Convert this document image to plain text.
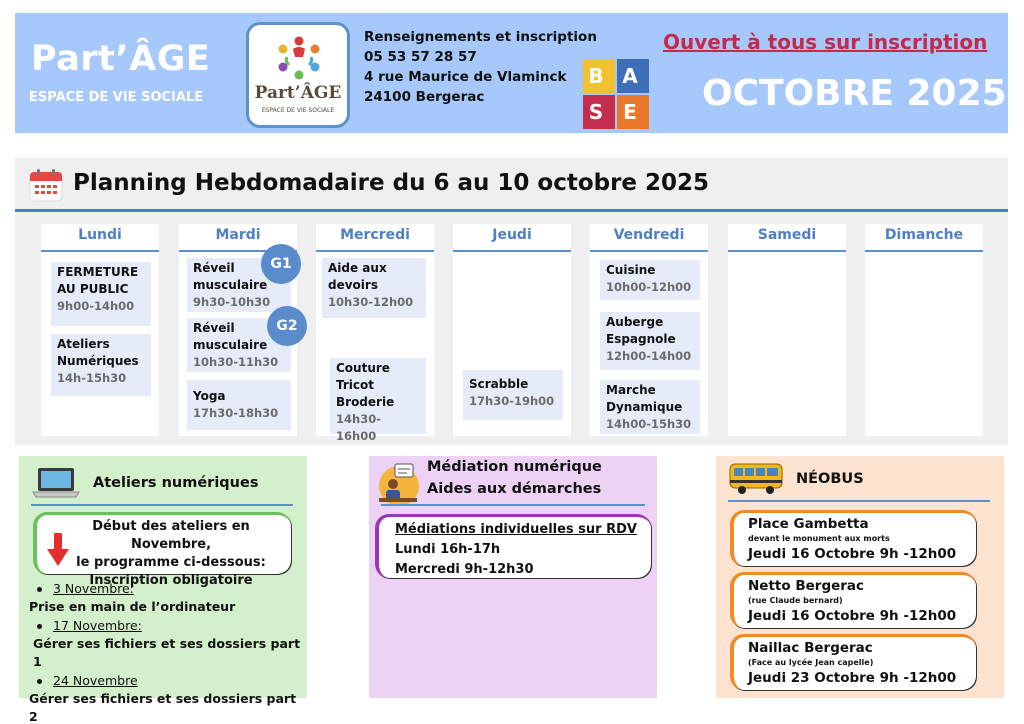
Part’ÂGE
ESPACE DE VIE SOCIALE	Part’ÂGE
ESPACE DE VIE SOCIALE
Renseignements et inscription
05 53 57 28 57
4 rue Maurice de Vlaminck
24100 Bergerac
B A
S E
Ouvert à tous sur inscription
OCTOBRE 2025
Planning Hebdomadaire du 6 au 10 octobre 2025
Lundi
FERMETURE
AU PUBLIC
9h00-14h00
Ateliers
Numériques
14h-15h30
Mardi
Réveil
musculaire
9h30-10h30
Réveil
musculaire
10h30-11h30
Yoga
17h30-18h30
G1
G2
Mercredi
Aide aux
devoirs
10h30-12h00
Couture
Tricot
Broderie
14h30-16h00
Jeudi
Scrabble
17h30-19h00
Vendredi
Cuisine
10h00-12h00
Auberge
Espagnole
12h00-14h00
Marche
Dynamique
14h00-15h30
Samedi	Dimanche
Ateliers numériques
Début des ateliers en Novembre,
le programme ci-dessous:
Inscription obligatoire
3 Novembre:
Prise en main de l’ordinateur
17 Novembre:
Gérer ses fichiers et ses dossiers part 1
24 Novembre
Gérer ses fichiers et ses dossiers part 2
Médiation numérique
Aides aux démarches
Médiations individuelles sur RDV
Lundi 16h-17h
Mercredi 9h-12h30
NÉOBUS
Place Gambetta
devant le monument aux morts
Jeudi 16 Octobre 9h -12h00
Netto Bergerac
(rue Claude bernard)
Jeudi 16 Octobre 9h -12h00
Naillac Bergerac
(Face au lycée Jean capelle)
Jeudi 23 Octobre 9h -12h00
